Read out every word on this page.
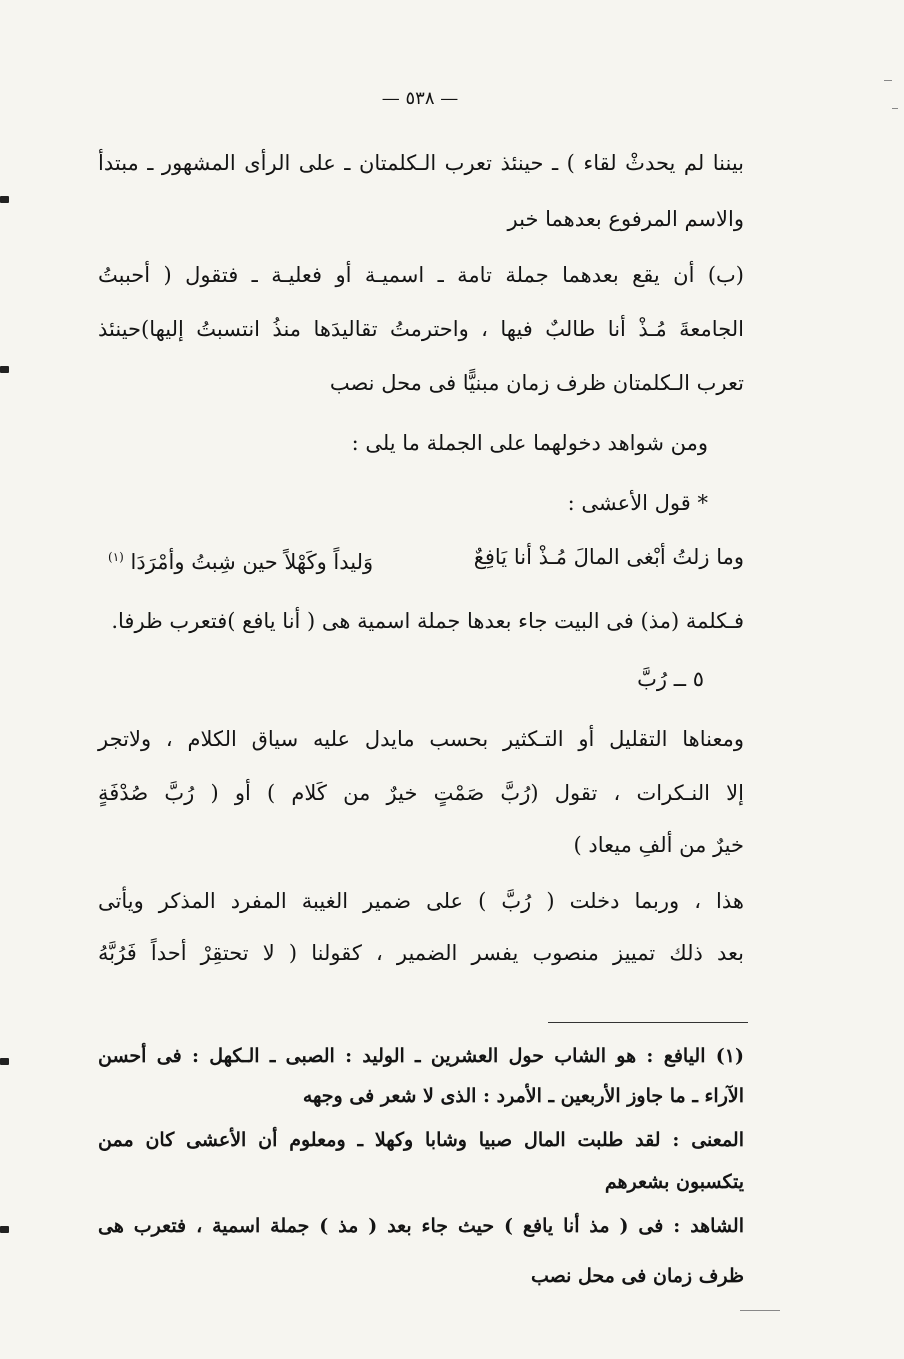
— ٥٣٨ —
بيننا لم يحدثْ لقاء ) ـ حينئذ تعرب الـكلمتان ـ على الرأى المشهور ـ مبتدأ
والاسم المرفوع بعدهما خبر
(ب) أن يقع بعدهما جملة تامة ـ اسميـة أو فعليـة ـ فتقول ( أحببتُ
الجامعةَ مُـذْ أنا طالبٌ فيها ، واحترمتُ تقاليدَها منذُ انتسبتُ إليها)حينئذ
تعرب الـكلمتان ظرف زمان مبنيًّا فى محل نصب
ومن شواهد دخولهما على الجملة ما يلى :
* قول الأعشى :
وما زلتُ أبْغى المالَ مُـذْ أنا يَافِعٌ
وَليداً وكَهْلاً حين شِبتُ وأمْرَدَا $^{(١)}$
فـكلمة (مذ) فى البيت جاء بعدها جملة اسمية هى ( أنا يافع )فتعرب ظرفا.
٥ ــ رُبَّ
ومعناها التقليل أو التـكثير بحسب مايدل عليه سياق الكلام ، ولاتجر
إلا النـكرات ، تقول (رُبَّ صَمْتٍ خيرٌ من كَلام ) أو ( رُبَّ صُدْفَةٍ
خيرٌ من ألفِ ميعاد )
هذا ، وربما دخلت ( رُبَّ ) على ضمير الغيبة المفرد المذكر ويأتى
بعد ذلك تمييز منصوب يفسر الضمير ، كقولنا ( لا تحتقِرْ أحداً فَرُبَّهُ
(١) اليافع : هو الشاب حول العشرين ـ الوليد : الصبى ـ الـكهل : فى أحسن
الآراء ـ ما جاوز الأربعين ـ الأمرد : الذى لا شعر فى وجهه
المعنى : لقد طلبت المال صبيا وشابا وكهلا ـ ومعلوم أن الأعشى كان ممن
يتكسبون بشعرهم
الشاهد : فى ( مذ أنا يافع ) حيث جاء بعد ( مذ ) جملة اسمية ، فتعرب هى
ظرف زمان فى محل نصب
